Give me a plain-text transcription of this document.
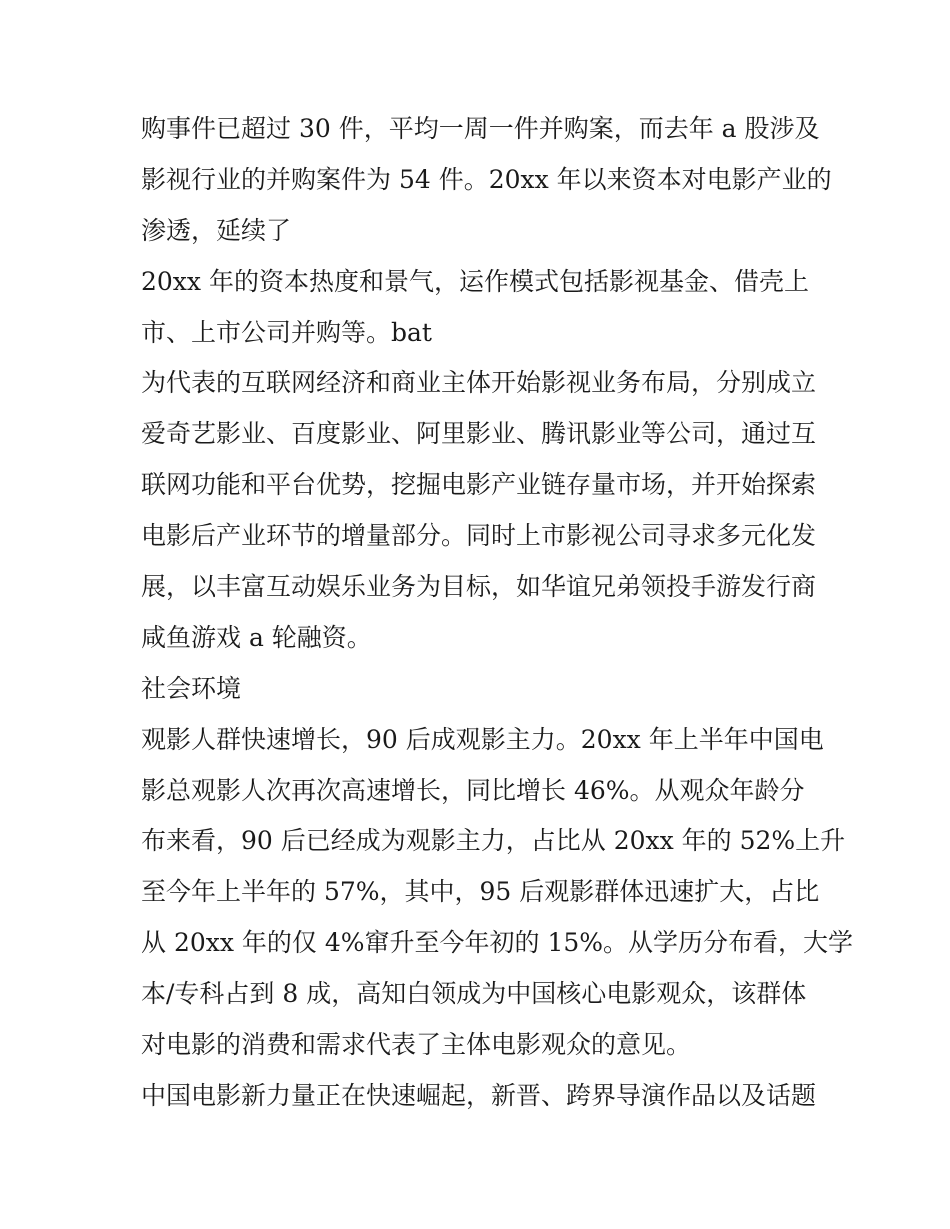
购事件已超过 30 件，平均一周一件并购案，而去年 a 股涉及

影视行业的并购案件为 54 件。20xx 年以来资本对电影产业的

渗透，延续了

20xx 年的资本热度和景气，运作模式包括影视基金、借壳上

市、上市公司并购等。bat

为代表的互联网经济和商业主体开始影视业务布局，分别成立

爱奇艺影业、百度影业、阿里影业、腾讯影业等公司，通过互

联网功能和平台优势，挖掘电影产业链存量市场，并开始探索

电影后产业环节的增量部分。同时上市影视公司寻求多元化发

展，以丰富互动娱乐业务为目标，如华谊兄弟领投手游发行商

咸鱼游戏 a 轮融资。

社会环境

观影人群快速增长，90 后成观影主力。20xx 年上半年中国电

影总观影人次再次高速增长，同比增长 46%。从观众年龄分

布来看，90 后已经成为观影主力，占比从 20xx 年的 52%上升

至今年上半年的 57%，其中，95 后观影群体迅速扩大，占比

从 20xx 年的仅 4%窜升至今年初的 15%。从学历分布看，大学

本/专科占到 8 成，高知白领成为中国核心电影观众，该群体

对电影的消费和需求代表了主体电影观众的意见。

中国电影新力量正在快速崛起，新晋、跨界导演作品以及话题
